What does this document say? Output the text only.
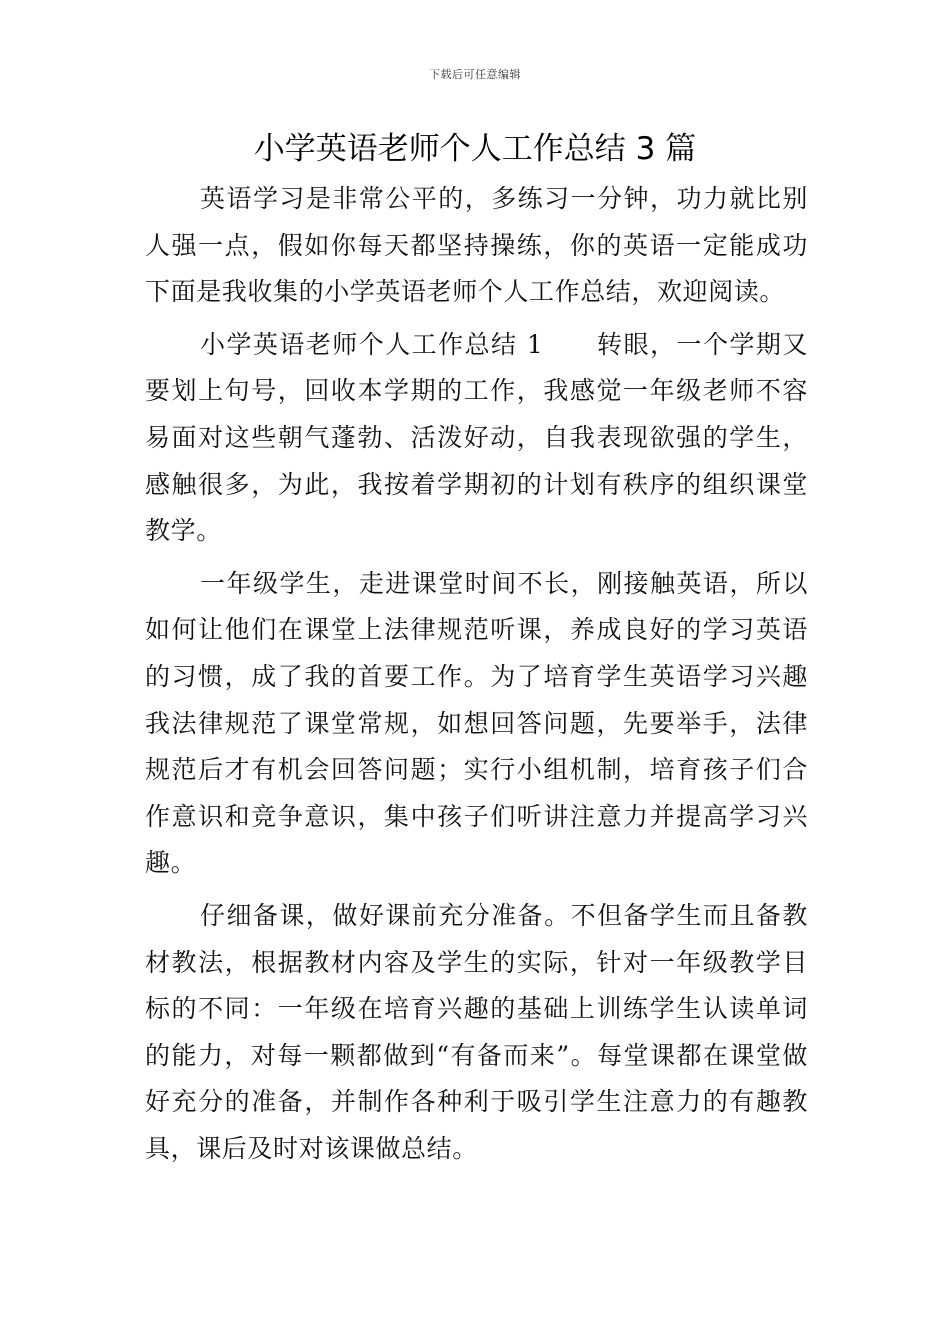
下载后可任意编辑
小学英语老师个人工作总结 3 篇

英语学习是非常公平的，多练习一分钟，功力就比别人强一点，假如你每天都坚持操练，你的英语一定能成功下面是我收集的小学英语老师个人工作总结，欢迎阅读。

小学英语老师个人工作总结 1　　转眼，一个学期又要划上句号，回收本学期的工作，我感觉一年级老师不容易面对这些朝气蓬勃、活泼好动，自我表现欲强的学生，感触很多，为此，我按着学期初的计划有秩序的组织课堂教学。

一年级学生，走进课堂时间不长，刚接触英语，所以如何让他们在课堂上法律规范听课，养成良好的学习英语的习惯，成了我的首要工作。为了培育学生英语学习兴趣我法律规范了课堂常规，如想回答问题，先要举手，法律规范后才有机会回答问题；实行小组机制，培育孩子们合作意识和竞争意识，集中孩子们听讲注意力并提高学习兴趣。

仔细备课，做好课前充分准备。不但备学生而且备教材教法，根据教材内容及学生的实际，针对一年级教学目标的不同：一年级在培育兴趣的基础上训练学生认读单词的能力，对每一颗都做到“有备而来”。每堂课都在课堂做好充分的准备，并制作各种利于吸引学生注意力的有趣教具，课后及时对该课做总结。
